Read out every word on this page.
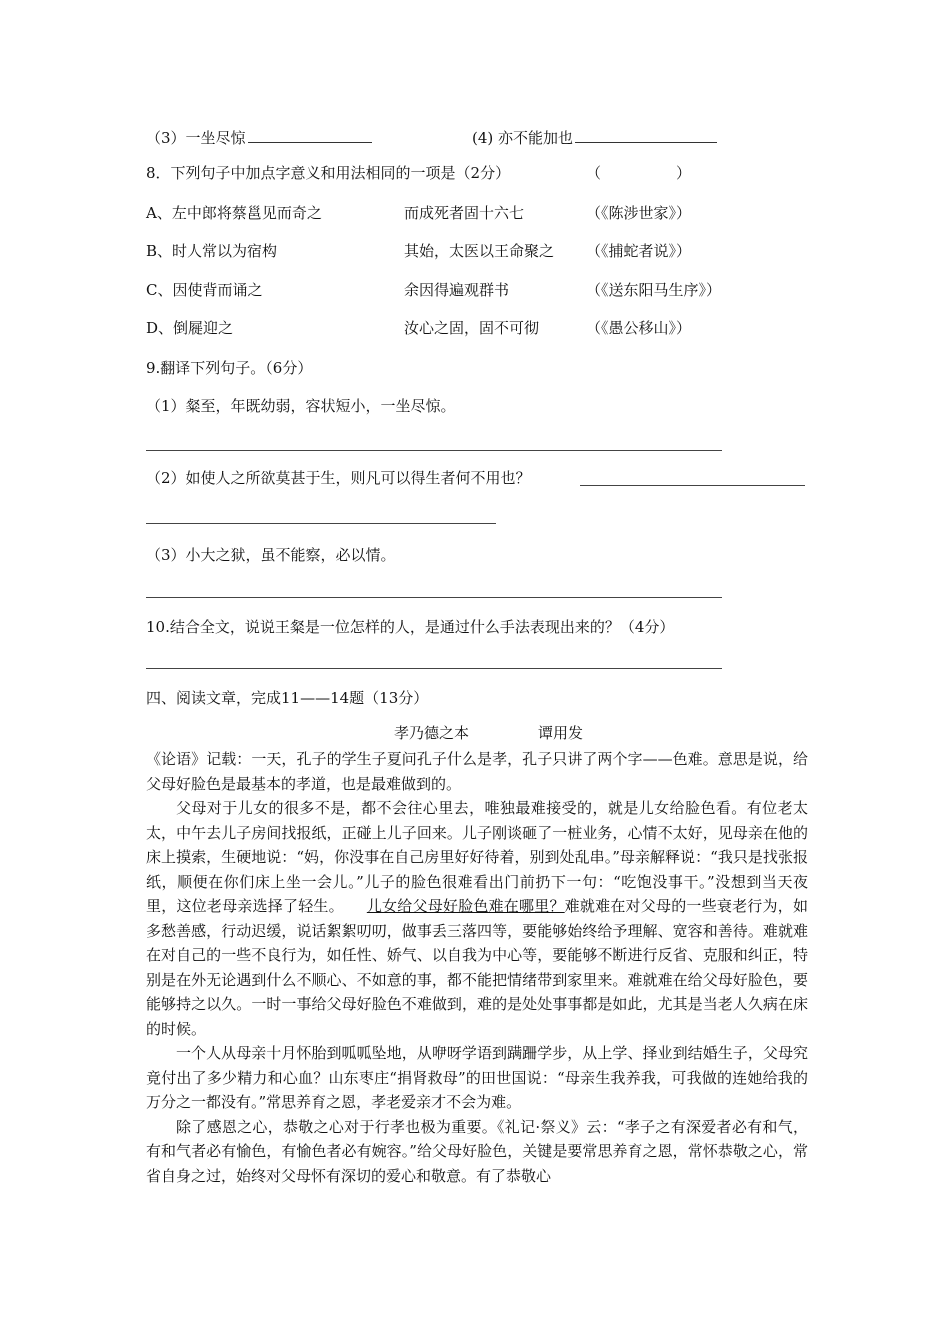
（3）一坐尽惊	(4) 亦不能加也
8．下列句子中加点字意义和用法相同的一项是（2分）	（　　　　　）
A、左中郎将蔡邕见而奇之	而成死者固十六七	（《陈涉世家》）
B、时人常以为宿构	其始，太医以王命聚之 （《捕蛇者说》）
C、因使背而诵之	余因得遍观群书	（《送东阳马生序》）
D、倒屣迎之	汝心之固，固不可彻	（《愚公移山》）
9.翻译下列句子。（6分）
（1）粲至，年既幼弱，容状短小，一坐尽惊。
（2）如使人之所欲莫甚于生，则凡可以得生者何不用也？
（3）小大之狱，虽不能察，必以情。
10.结合全文，说说王粲是一位怎样的人，是通过什么手法表现出来的？（4分）
四、阅读文章，完成11——14题（13分）
孝乃德之本	谭用发

《论语》记载：一天，孔子的学生子夏问孔子什么是孝，孔子只讲了两个字——色难。意思是说，给父母好脸色是最基本的孝道，也是最难做到的。

父母对于儿女的很多不是，都不会往心里去，唯独最难接受的，就是儿女给脸色看。有位老太太，中午去儿子房间找报纸，正碰上儿子回来。儿子刚谈砸了一桩业务，心情不太好，见母亲在他的床上摸索，生硬地说：“妈，你没事在自己房里好好待着，别到处乱串。”母亲解释说：“我只是找张报纸，顺便在你们床上坐一会儿。”儿子的脸色很难看出门前扔下一句：“吃饱没事干。”没想到当天夜里，这位老母亲选择了轻生。　　儿女给父母好脸色难在哪里？难就难在对父母的一些衰老行为，如多愁善感，行动迟缓，说话絮絮叨叨，做事丢三落四等，要能够始终给予理解、宽容和善待。难就难在对自己的一些不良行为，如任性、娇气、以自我为中心等，要能够不断进行反省、克服和纠正，特别是在外无论遇到什么不顺心、不如意的事，都不能把情绪带到家里来。难就难在给父母好脸色，要能够持之以久。一时一事给父母好脸色不难做到，难的是处处事事都是如此，尤其是当老人久病在床的时候。

一个人从母亲十月怀胎到呱呱坠地，从咿呀学语到蹒跚学步，从上学、择业到结婚生子，父母究竟付出了多少精力和心血？山东枣庄“捐肾救母”的田世国说：“母亲生我养我，可我做的连她给我的万分之一都没有。”常思养育之恩，孝老爱亲才不会为难。

除了感恩之心，恭敬之心对于行孝也极为重要。《礼记·祭义》云：“孝子之有深爱者必有和气，有和气者必有愉色，有愉色者必有婉容。”给父母好脸色，关键是要常思养育之恩，常怀恭敬之心，常省自身之过，始终对父母怀有深切的爱心和敬意。有了恭敬心
